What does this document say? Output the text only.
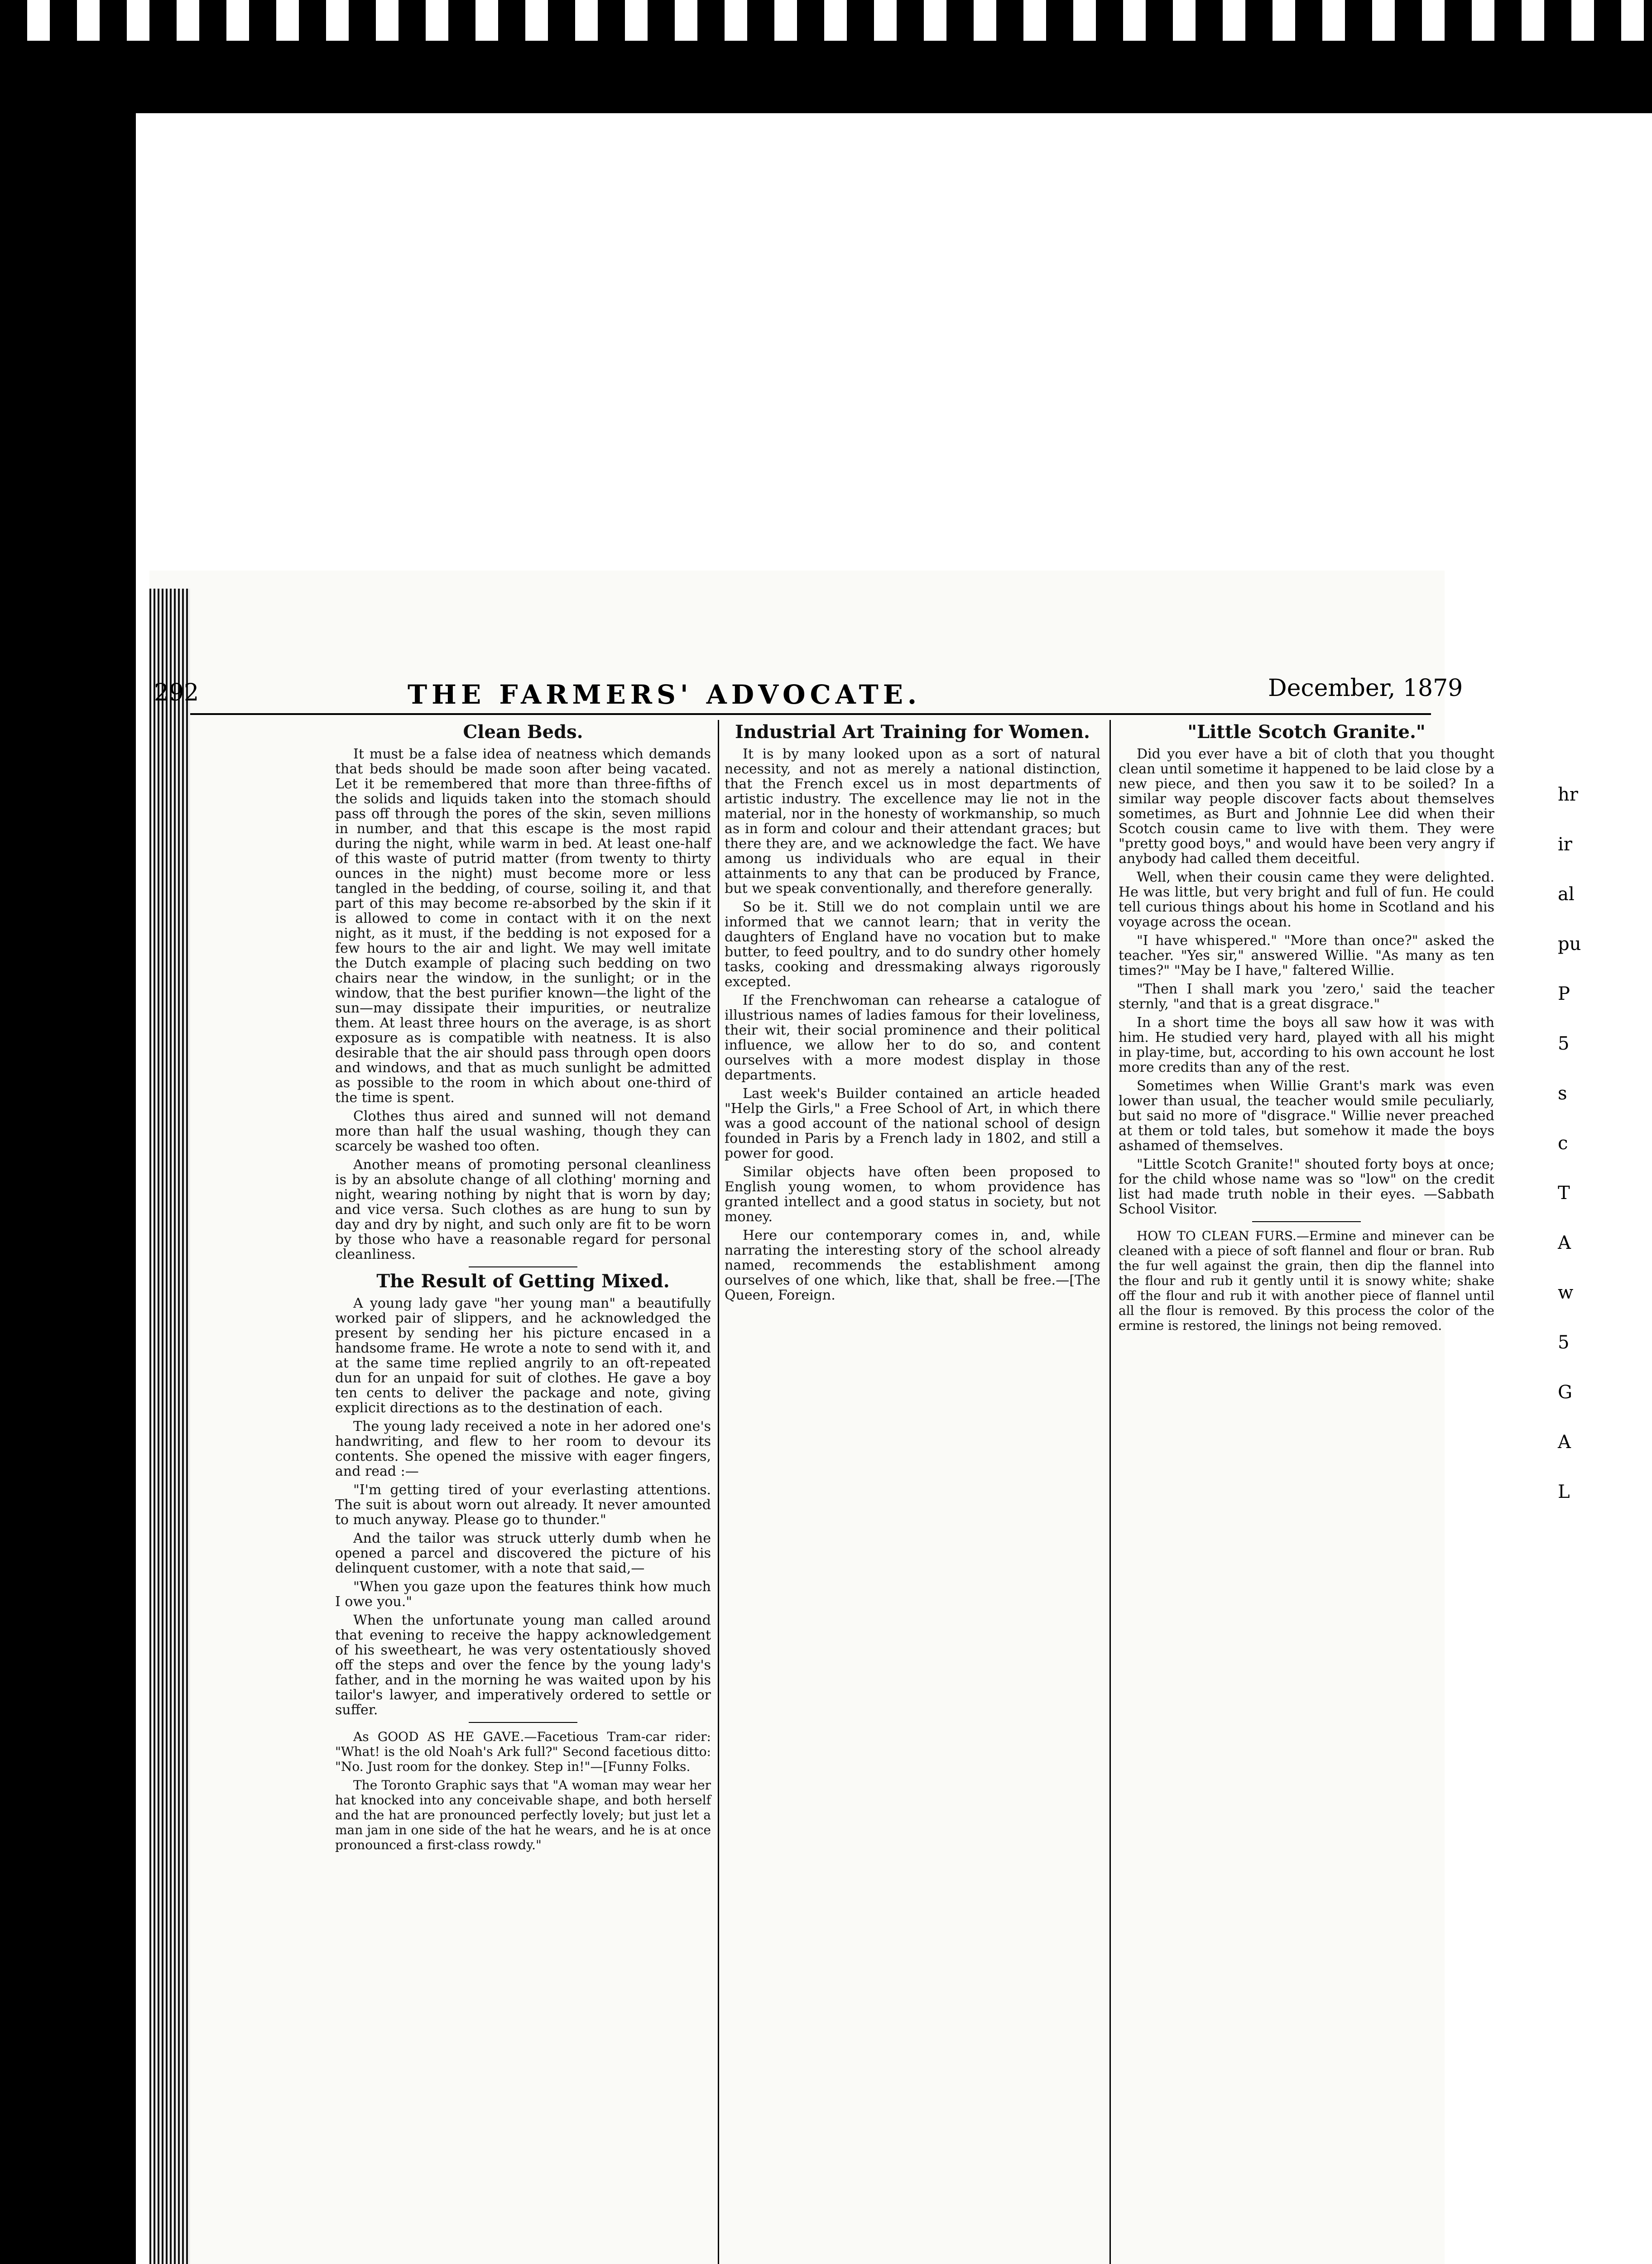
292	THE FARMERS' ADVOCATE.	December, 1879
Clean Beds.

It must be a false idea of neatness which demands that beds should be made soon after being vacated. Let it be remembered that more than three-fifths of the solids and liquids taken into the stomach should pass off through the pores of the skin, seven millions in number, and that this escape is the most rapid during the night, while warm in bed. At least one-half of this waste of putrid matter (from twenty to thirty ounces in the night) must become more or less tangled in the bedding, of course, soiling it, and that part of this may become re-absorbed by the skin if it is allowed to come in contact with it on the next night, as it must, if the bedding is not exposed for a few hours to the air and light. We may well imitate the Dutch example of placing such bedding on two chairs near the window, in the sunlight; or in the window, that the best purifier known—the light of the sun—may dissipate their impurities, or neutralize them. At least three hours on the average, is as short exposure as is compatible with neatness. It is also desirable that the air should pass through open doors and windows, and that as much sunlight be admitted as possible to the room in which about one-third of the time is spent.

Clothes thus aired and sunned will not demand more than half the usual washing, though they can scarcely be washed too often.

Another means of promoting personal cleanliness is by an absolute change of all clothing' morning and night, wearing nothing by night that is worn by day; and vice versa. Such clothes as are hung to sun by day and dry by night, and such only are fit to be worn by those who have a reasonable regard for personal cleanliness.

The Result of Getting Mixed.

A young lady gave "her young man" a beautifully worked pair of slippers, and he acknowledged the present by sending her his picture encased in a handsome frame. He wrote a note to send with it, and at the same time replied angrily to an oft-repeated dun for an unpaid for suit of clothes. He gave a boy ten cents to deliver the package and note, giving explicit directions as to the destination of each.

The young lady received a note in her adored one's handwriting, and flew to her room to devour its contents. She opened the missive with eager fingers, and read :—

"I'm getting tired of your everlasting attentions. The suit is about worn out already. It never amounted to much anyway. Please go to thunder."

And the tailor was struck utterly dumb when he opened a parcel and discovered the picture of his delinquent customer, with a note that said,—

"When you gaze upon the features think how much I owe you."

When the unfortunate young man called around that evening to receive the happy acknowledgement of his sweetheart, he was very ostentatiously shoved off the steps and over the fence by the young lady's father, and in the morning he was waited upon by his tailor's lawyer, and imperatively ordered to settle or suffer.

As GOOD AS HE GAVE.—Facetious Tram-car rider: "What! is the old Noah's Ark full?" Second facetious ditto: "No. Just room for the donkey. Step in!"—[Funny Folks.

The Toronto Graphic says that "A woman may wear her hat knocked into any conceivable shape, and both herself and the hat are pronounced perfectly lovely; but just let a man jam in one side of the hat he wears, and he is at once pronounced a first-class rowdy."

Industrial Art Training for Women.

It is by many looked upon as a sort of natural necessity, and not as merely a national distinction, that the French excel us in most departments of artistic industry. The excellence may lie not in the material, nor in the honesty of workmanship, so much as in form and colour and their attendant graces; but there they are, and we acknowledge the fact. We have among us individuals who are equal in their attainments to any that can be produced by France, but we speak conventionally, and therefore generally.

So be it. Still we do not complain until we are informed that we cannot learn; that in verity the daughters of England have no vocation but to make butter, to feed poultry, and to do sundry other homely tasks, cooking and dressmaking always rigorously excepted.

If the Frenchwoman can rehearse a catalogue of illustrious names of ladies famous for their loveliness, their wit, their social prominence and their political influence, we allow her to do so, and content ourselves with a more modest display in those departments.

Last week's Builder contained an article headed "Help the Girls," a Free School of Art, in which there was a good account of the national school of design founded in Paris by a French lady in 1802, and still a power for good.

Similar objects have often been proposed to English young women, to whom providence has granted intellect and a good status in society, but not money.

Here our contemporary comes in, and, while narrating the interesting story of the school already named, recommends the establishment among ourselves of one which, like that, shall be free.—[The Queen, Foreign.

"Little Scotch Granite."

Did you ever have a bit of cloth that you thought clean until sometime it happened to be laid close by a new piece, and then you saw it to be soiled? In a similar way people discover facts about themselves sometimes, as Burt and Johnnie Lee did when their Scotch cousin came to live with them. They were "pretty good boys," and would have been very angry if anybody had called them deceitful.

Well, when their cousin came they were delighted. He was little, but very bright and full of fun. He could tell curious things about his home in Scotland and his voyage across the ocean.

"I have whispered." "More than once?" asked the teacher. "Yes sir," answered Willie. "As many as ten times?" "May be I have," faltered Willie.

"Then I shall mark you 'zero,' said the teacher sternly, "and that is a great disgrace."

In a short time the boys all saw how it was with him. He studied very hard, played with all his might in play-time, but, according to his own account he lost more credits than any of the rest.

Sometimes when Willie Grant's mark was even lower than usual, the teacher would smile peculiarly, but said no more of "disgrace." Willie never preached at them or told tales, but somehow it made the boys ashamed of themselves.

"Little Scotch Granite!" shouted forty boys at once; for the child whose name was so "low" on the credit list had made truth noble in their eyes. —Sabbath School Visitor.

HOW TO CLEAN FURS.—Ermine and minever can be cleaned with a piece of soft flannel and flour or bran. Rub the fur well against the grain, then dip the flannel into the flour and rub it gently until it is snowy white; shake off the flour and rub it with another piece of flannel until all the flour is removed. By this process the color of the ermine is restored, the linings not being removed.

hr
ir
al
pu
P
5
s
c
T
A
w
5
G
A
L
